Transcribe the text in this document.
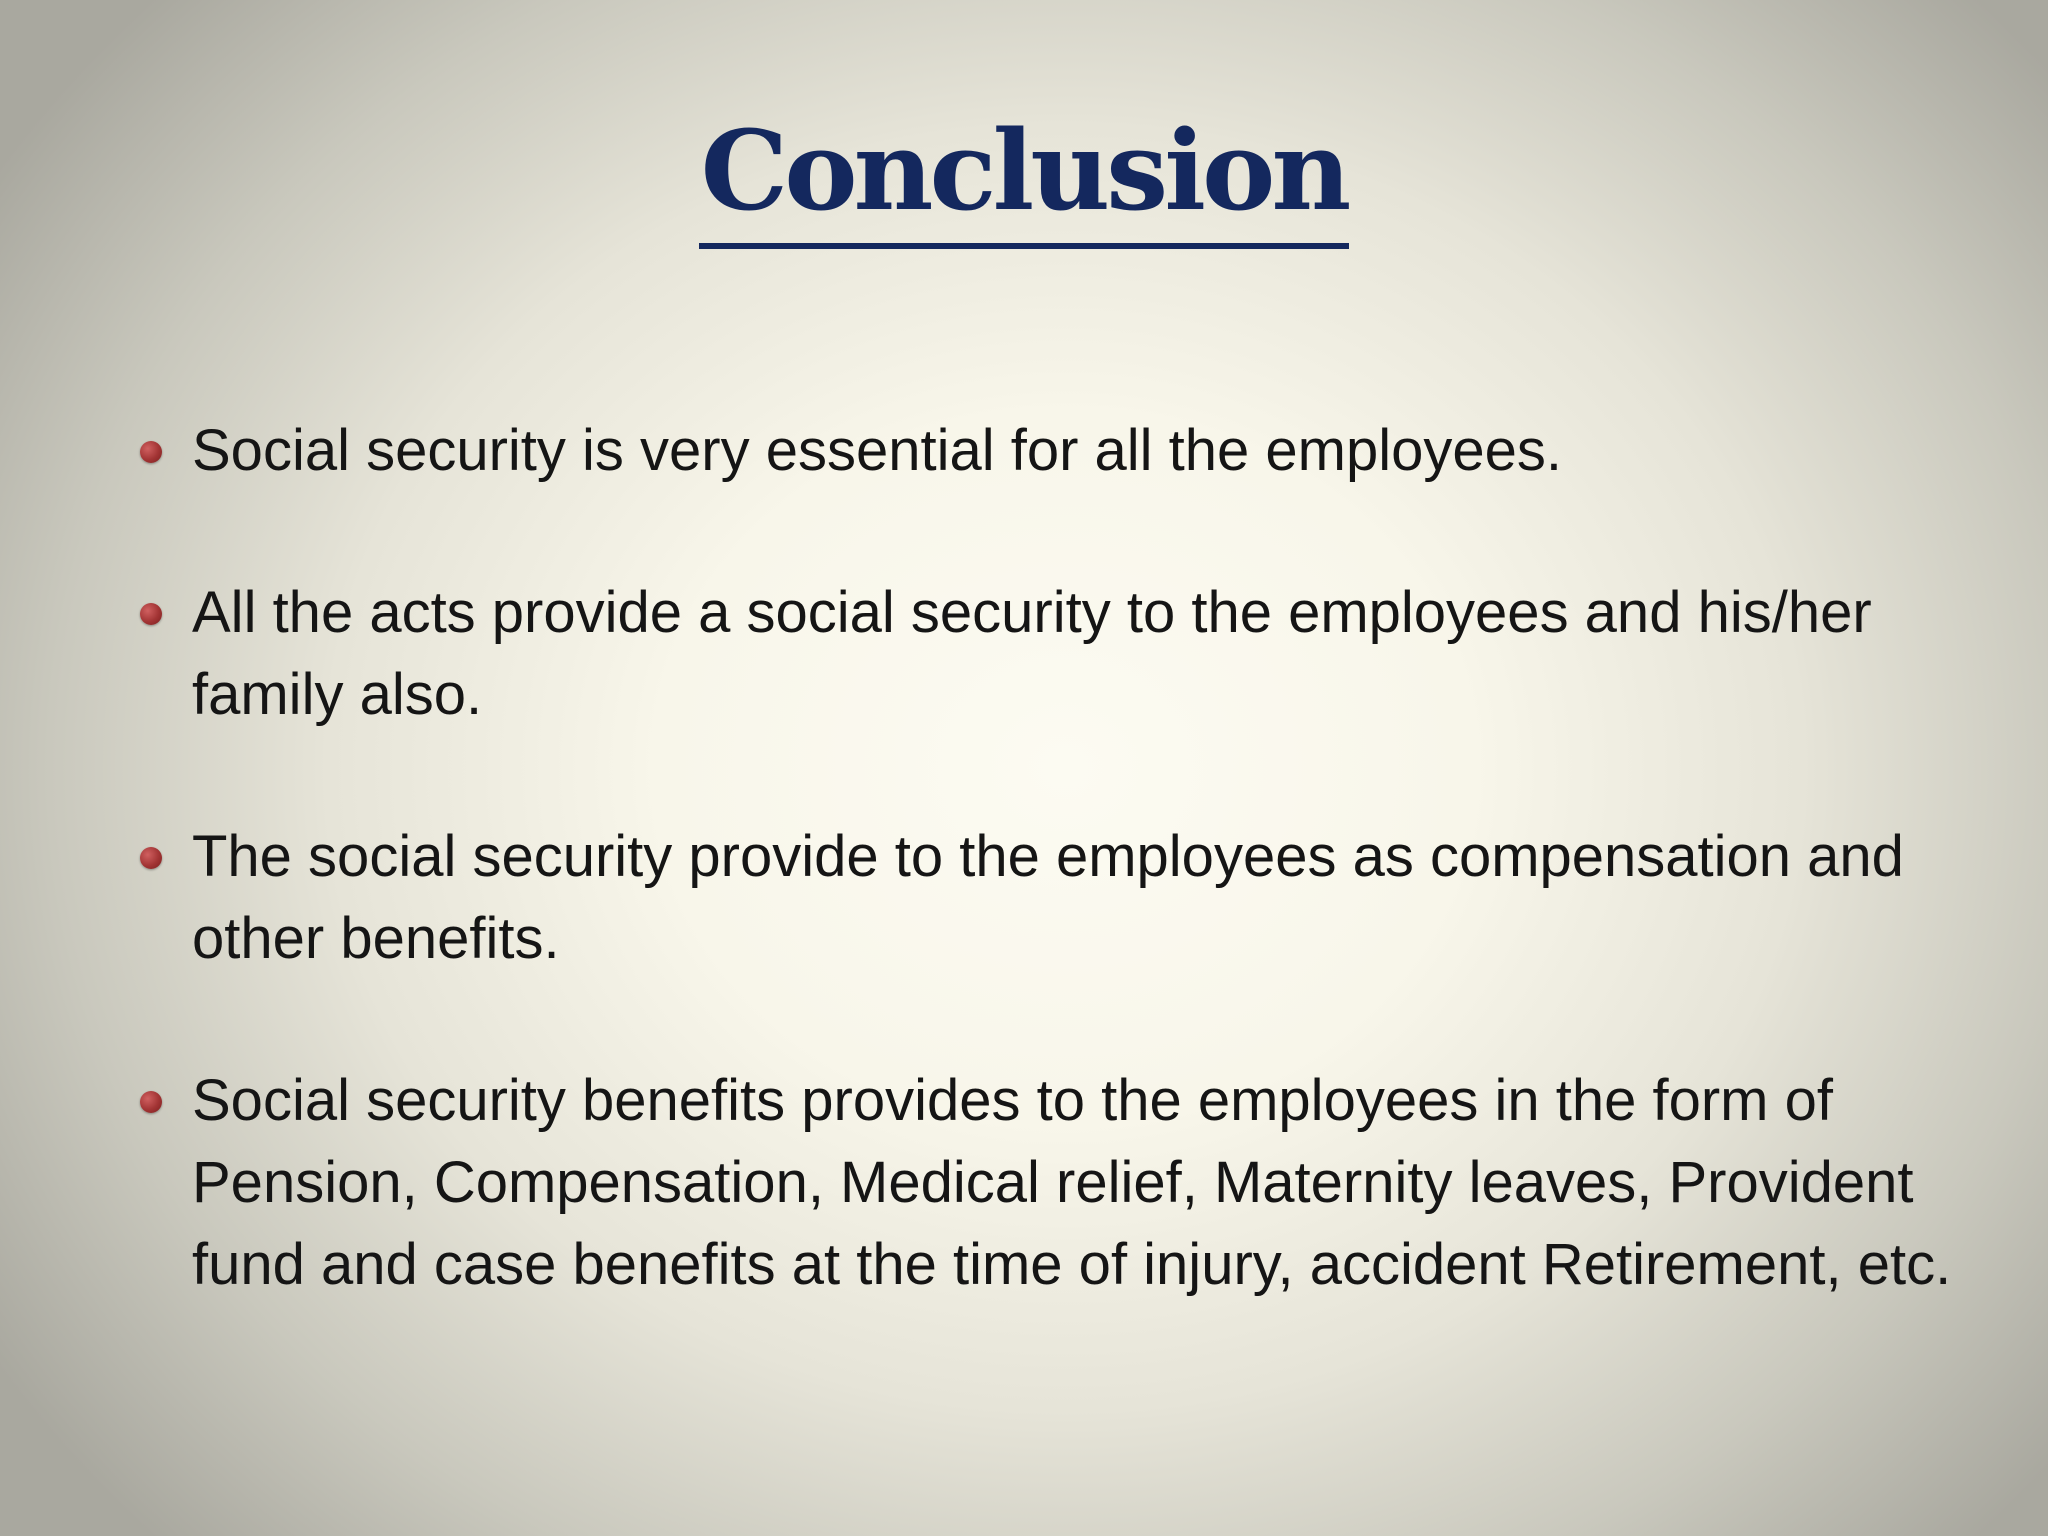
Conclusion
Social security is very essential for all the employees.
All the acts provide a social security to the employees and his/her family also.
The social security provide to the employees as compensation and other benefits.
Social security benefits provides to the employees in the form of Pension, Compensation, Medical relief, Maternity leaves, Provident fund and case benefits at the time of injury, accident Retirement, etc.
